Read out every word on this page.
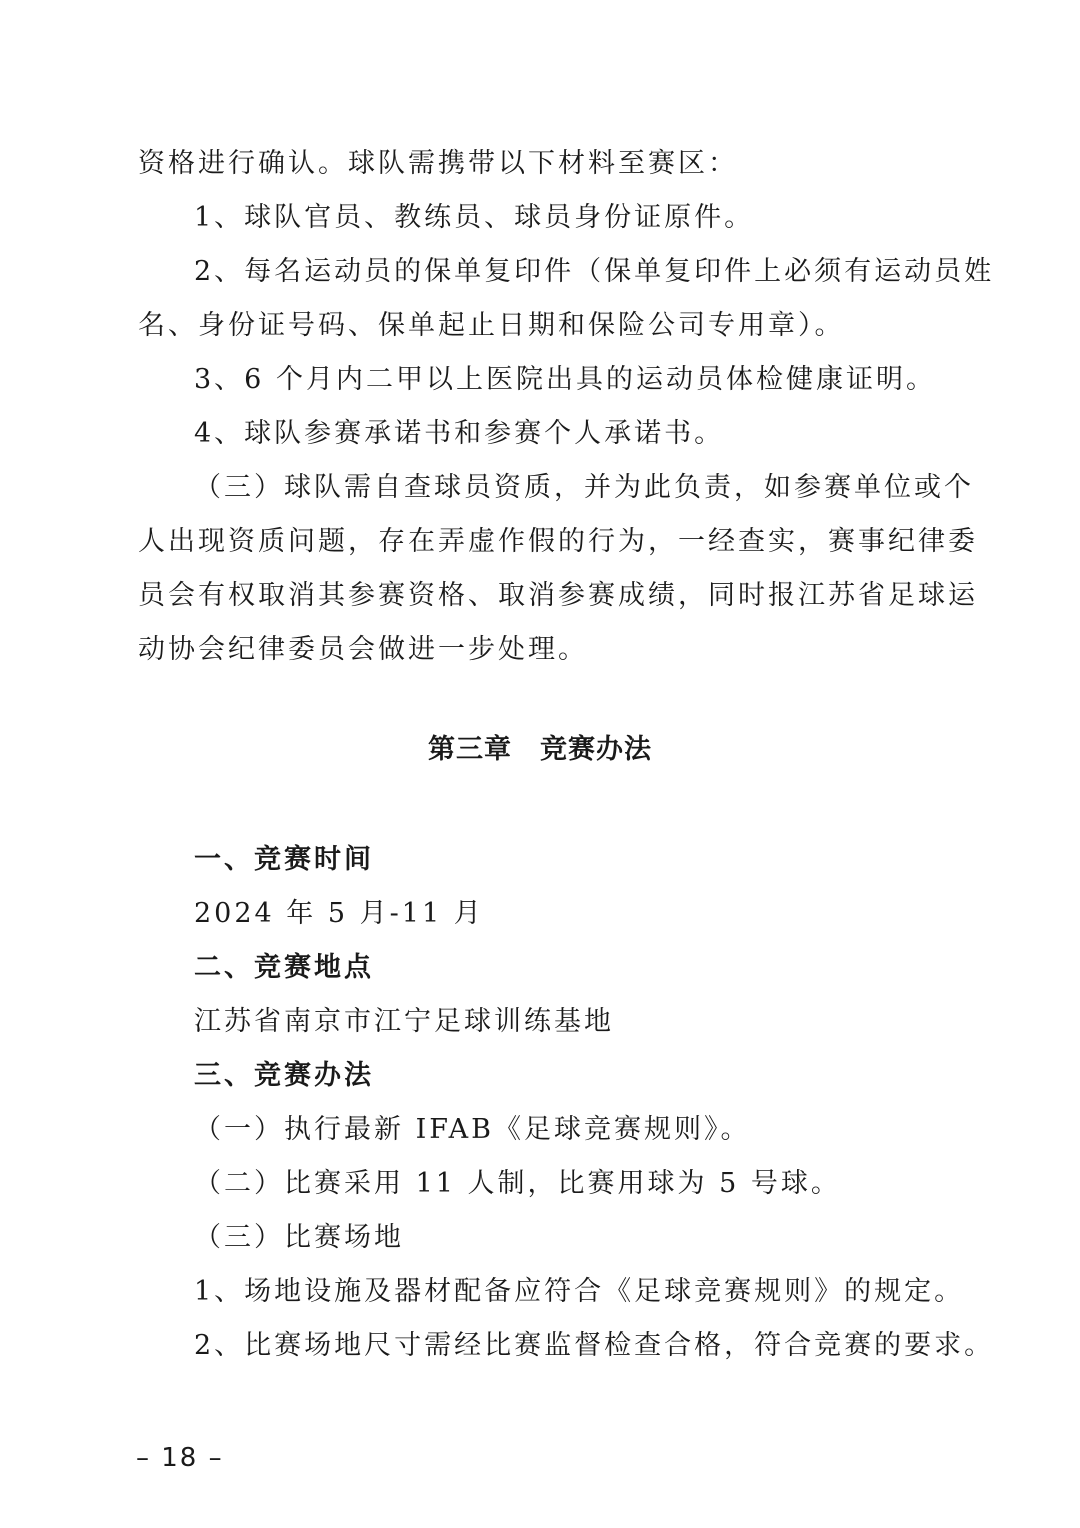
资格进行确认。球队需携带以下材料至赛区：
1、球队官员、教练员、球员身份证原件。
2、每名运动员的保单复印件（保单复印件上必须有运动员姓
名、身份证号码、保单起止日期和保险公司专用章）。
3、6 个月内二甲以上医院出具的运动员体检健康证明。
4、球队参赛承诺书和参赛个人承诺书。
（三）球队需自查球员资质，并为此负责，如参赛单位或个
人出现资质问题，存在弄虚作假的行为，一经查实，赛事纪律委
员会有权取消其参赛资格、取消参赛成绩，同时报江苏省足球运
动协会纪律委员会做进一步处理。
第三章　竞赛办法
一、竞赛时间
2024 年 5 月-11 月
二、竞赛地点
江苏省南京市江宁足球训练基地
三、竞赛办法
（一）执行最新 IFAB《足球竞赛规则》。
（二）比赛采用 11 人制，比赛用球为 5 号球。
（三）比赛场地
1、场地设施及器材配备应符合《足球竞赛规则》的规定。
2、比赛场地尺寸需经比赛监督检查合格，符合竞赛的要求。
– 18 –
